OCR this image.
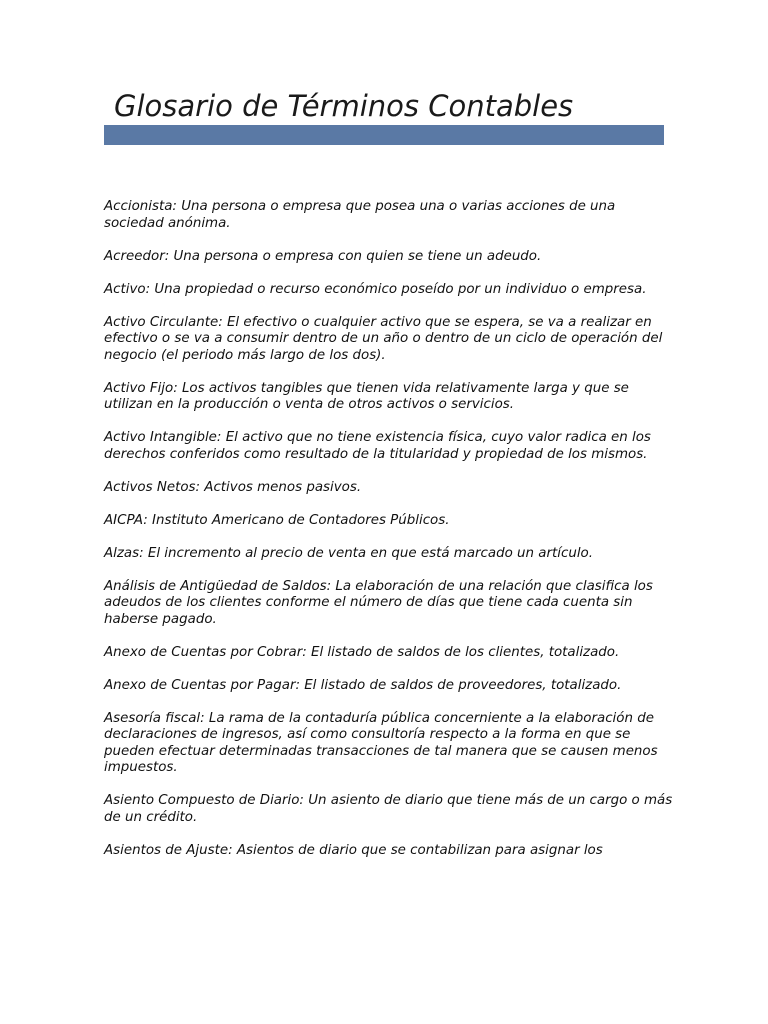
Glosario de Términos Contables
Accionista: Una persona o empresa que posea una o varias acciones de una sociedad anónima.
Acreedor: Una persona o empresa con quien se tiene un adeudo.
Activo: Una propiedad o recurso económico poseído por un individuo o empresa.
Activo Circulante: El efectivo o cualquier activo que se espera, se va a realizar en efectivo o se va a consumir dentro de un año o dentro de un ciclo de operación del negocio (el periodo más largo de los dos).
Activo Fijo: Los activos tangibles que tienen vida relativamente larga y que se utilizan en la producción o venta de otros activos o servicios.
Activo Intangible: El activo que no tiene existencia física, cuyo valor radica en los derechos conferidos como resultado de la titularidad y propiedad de los mismos.
Activos Netos: Activos menos pasivos.
AICPA: Instituto Americano de Contadores Públicos.
Alzas: El incremento al precio de venta en que está marcado un artículo.
Análisis de Antigüedad de Saldos: La elaboración de una relación que clasifica los adeudos de los clientes conforme el número de días que tiene cada cuenta sin haberse pagado.
Anexo de Cuentas por Cobrar: El listado de saldos de los clientes, totalizado.
Anexo de Cuentas por Pagar: El listado de saldos de proveedores, totalizado.
Asesoría fiscal: La rama de la contaduría pública concerniente a la elaboración de declaraciones de ingresos, así como consultoría respecto a la forma en que se pueden efectuar determinadas transacciones de tal manera que se causen menos impuestos.
Asiento Compuesto de Diario: Un asiento de diario que tiene más de un cargo o más de un crédito.
Asientos de Ajuste: Asientos de diario que se contabilizan para asignar los
